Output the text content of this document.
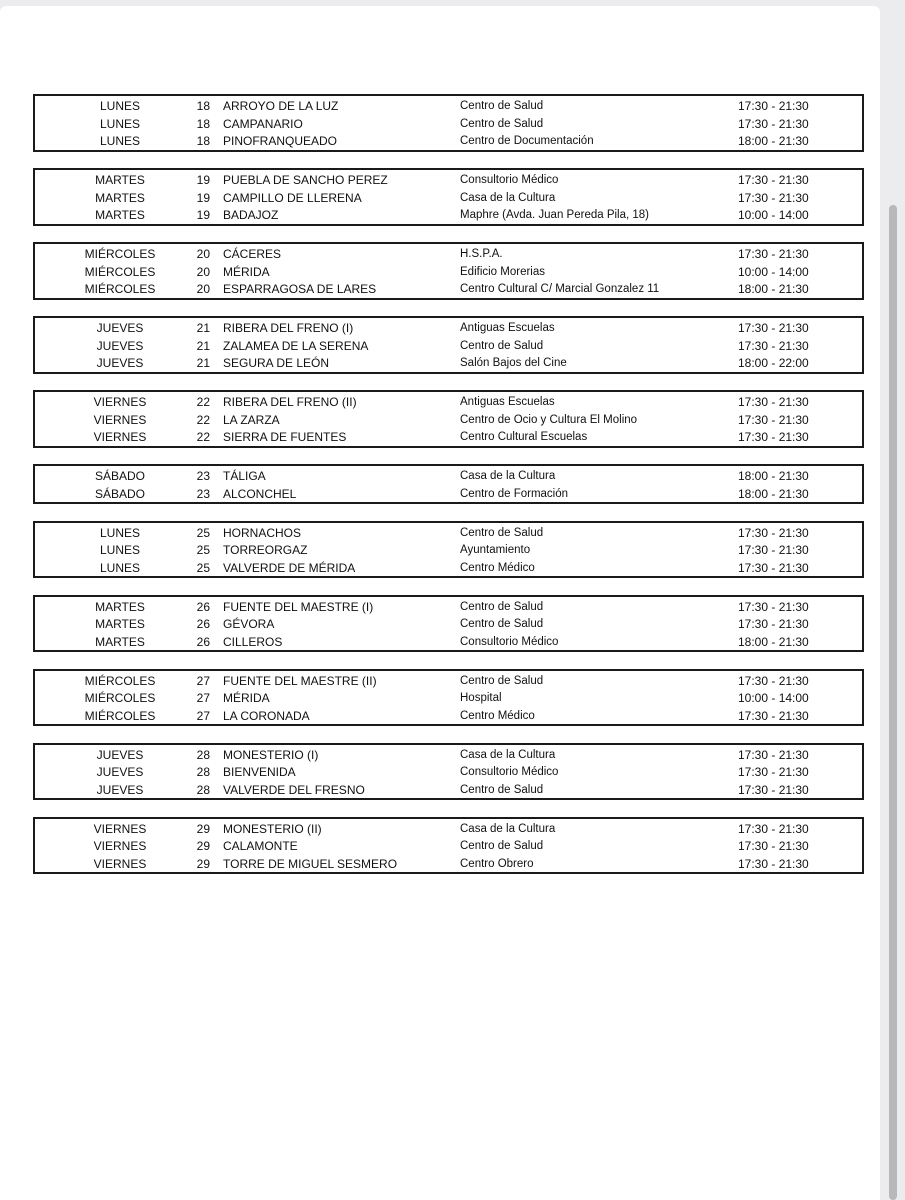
LUNES	18 ARROYO DE LA LUZ	Centro de Salud	17:30 - 21:30
LUNES	18 CAMPANARIO	Centro de Salud	17:30 - 21:30
LUNES	18 PINOFRANQUEADO	Centro de Documentación	18:00 - 21:30
MARTES	19 PUEBLA DE SANCHO PEREZ	Consultorio Médico	17:30 - 21:30
MARTES	19 CAMPILLO DE LLERENA	Casa de la Cultura	17:30 - 21:30
MARTES	19 BADAJOZ	Maphre (Avda. Juan Pereda Pila, 18)	10:00 - 14:00
MIÉRCOLES	20 CÁCERES	H.S.P.A.	17:30 - 21:30
MIÉRCOLES	20 MÉRIDA	Edificio Morerias	10:00 - 14:00
MIÉRCOLES	20 ESPARRAGOSA DE LARES	Centro Cultural C/ Marcial Gonzalez 11	18:00 - 21:30
JUEVES	21 RIBERA DEL FRENO (I)	Antiguas Escuelas	17:30 - 21:30
JUEVES	21 ZALAMEA DE LA SERENA	Centro de Salud	17:30 - 21:30
JUEVES	21 SEGURA DE LEÓN	Salón Bajos del Cine	18:00 - 22:00
VIERNES	22 RIBERA DEL FRENO (II)	Antiguas Escuelas	17:30 - 21:30
VIERNES	22 LA ZARZA	Centro de Ocio y Cultura El Molino	17:30 - 21:30
VIERNES	22 SIERRA DE FUENTES	Centro Cultural Escuelas	17:30 - 21:30
SÁBADO	23 TÁLIGA	Casa de la Cultura	18:00 - 21:30
SÁBADO	23 ALCONCHEL	Centro de Formación	18:00 - 21:30
LUNES	25 HORNACHOS	Centro de Salud	17:30 - 21:30
LUNES	25 TORREORGAZ	Ayuntamiento	17:30 - 21:30
LUNES	25 VALVERDE DE MÉRIDA	Centro Médico	17:30 - 21:30
MARTES	26 FUENTE DEL MAESTRE (I)	Centro de Salud	17:30 - 21:30
MARTES	26 GÉVORA	Centro de Salud	17:30 - 21:30
MARTES	26 CILLEROS	Consultorio Médico	18:00 - 21:30
MIÉRCOLES	27 FUENTE DEL MAESTRE (II)	Centro de Salud	17:30 - 21:30
MIÉRCOLES	27 MÉRIDA	Hospital	10:00 - 14:00
MIÉRCOLES	27 LA CORONADA	Centro Médico	17:30 - 21:30
JUEVES	28 MONESTERIO (I)	Casa de la Cultura	17:30 - 21:30
JUEVES	28 BIENVENIDA	Consultorio Médico	17:30 - 21:30
JUEVES	28 VALVERDE DEL FRESNO	Centro de Salud	17:30 - 21:30
VIERNES	29 MONESTERIO (II)	Casa de la Cultura	17:30 - 21:30
VIERNES	29 CALAMONTE	Centro de Salud	17:30 - 21:30
VIERNES	29 TORRE DE MIGUEL SESMERO	Centro Obrero	17:30 - 21:30
